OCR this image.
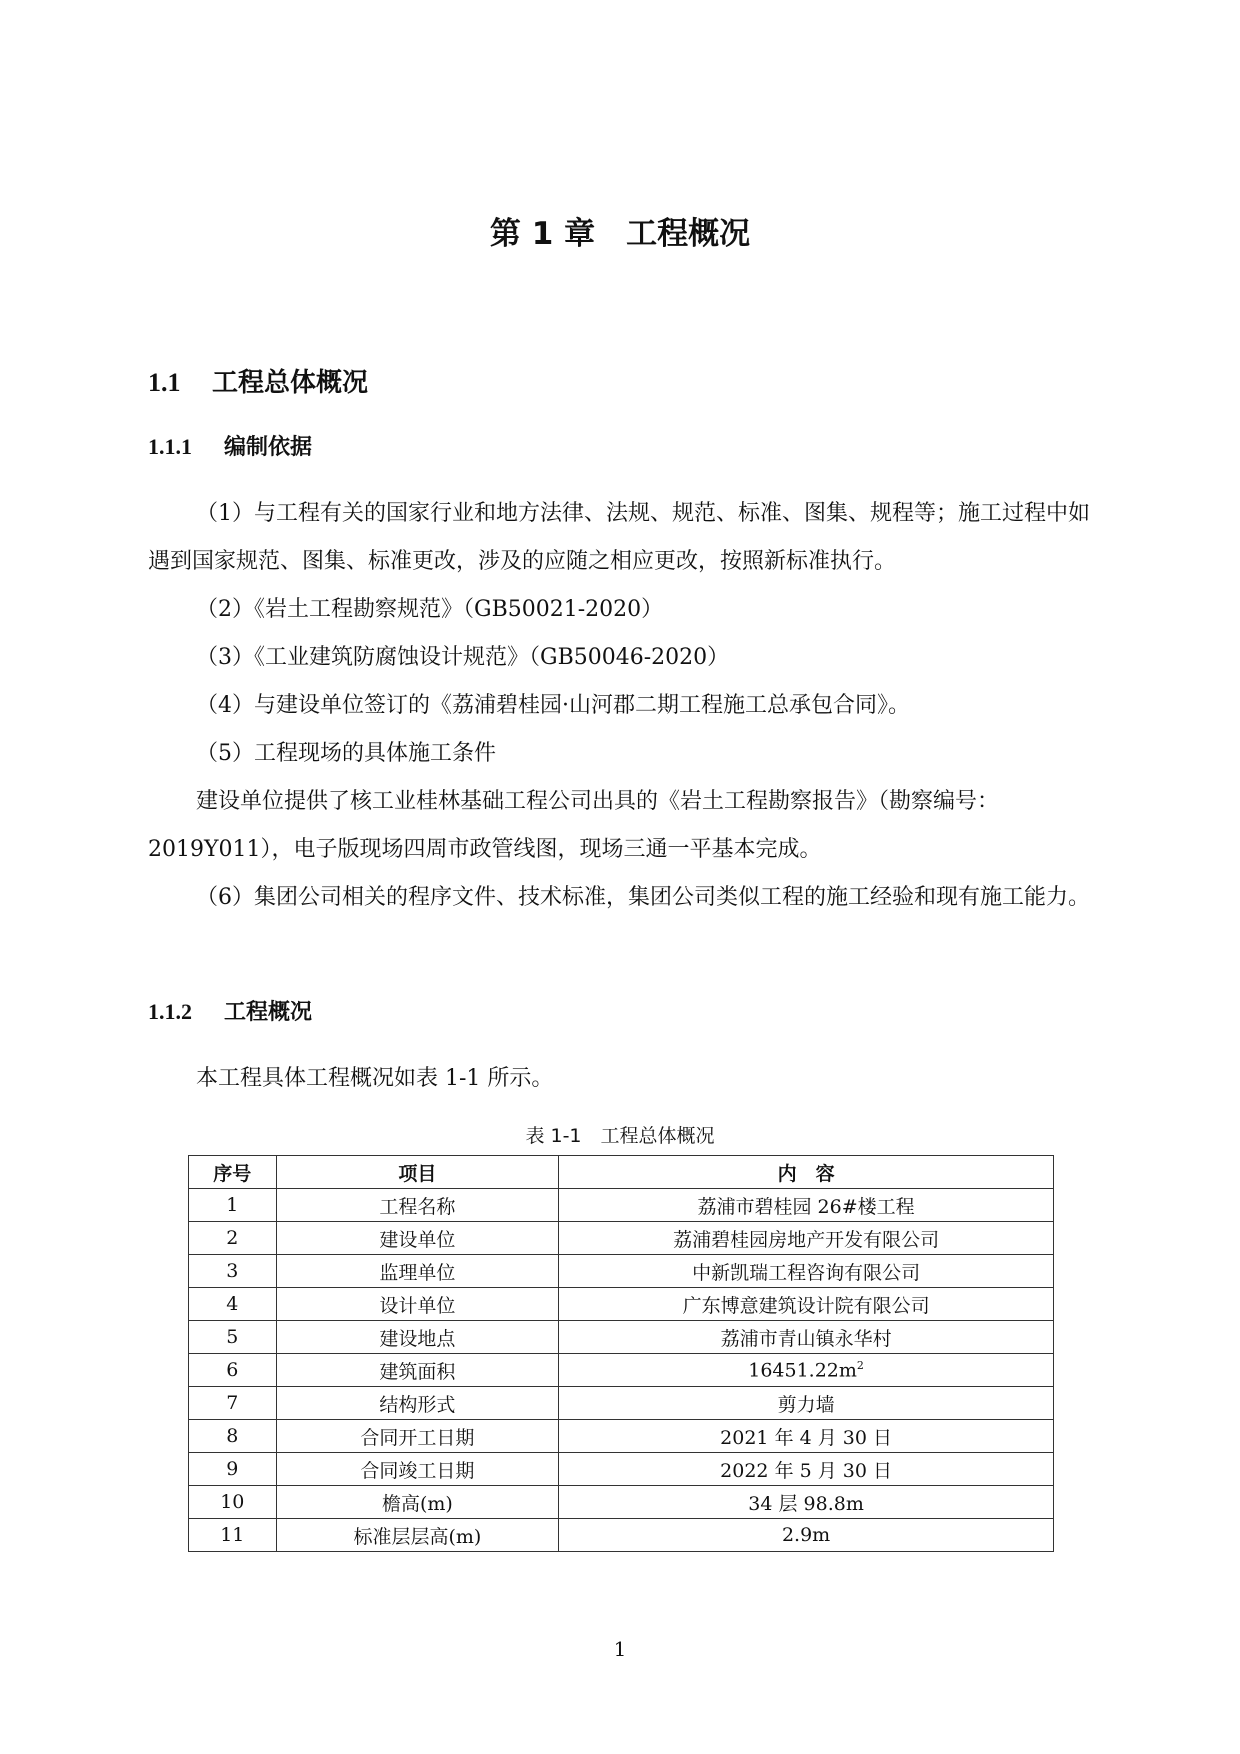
第 1 章　工程概况
1.1 工程总体概况
1.1.1 编制依据
（1）与工程有关的国家行业和地方法律、法规、规范、标准、图集、规程等；施工过程中如遇到国家规范、图集、标准更改，涉及的应随之相应更改，按照新标准执行。
（2）《岩土工程勘察规范》（GB50021-2020）
（3）《工业建筑防腐蚀设计规范》（GB50046-2020）
（4）与建设单位签订的《荔浦碧桂园·山河郡二期工程施工总承包合同》。
（5）工程现场的具体施工条件
建设单位提供了核工业桂林基础工程公司出具的《岩土工程勘察报告》（勘察编号：2019Y011），电子版现场四周市政管线图，现场三通一平基本完成。
（6）集团公司相关的程序文件、技术标准，集团公司类似工程的施工经验和现有施工能力。
1.1.2 工程概况
本工程具体工程概况如表 1-1 所示。
表 1-1　工程总体概况
序号	项目	内　容
1	工程名称	荔浦市碧桂园 26#楼工程
2	建设单位	荔浦碧桂园房地产开发有限公司
3	监理单位	中新凯瑞工程咨询有限公司
4	设计单位	广东博意建筑设计院有限公司
5	建设地点	荔浦市青山镇永华村
6	建筑面积	$16451.22m^2$
7	结构形式	剪力墙
8	合同开工日期	2021 年 4 月 30 日
9	合同竣工日期	2022 年 5 月 30 日
10	檐高(m)	34 层 98.8m
11	标准层层高(m)	2.9m
1
